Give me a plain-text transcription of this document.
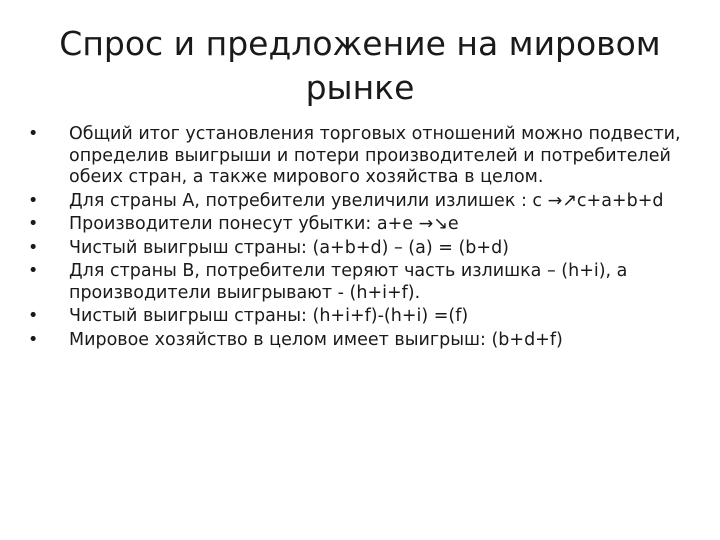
Спрос и предложение на мировом
рынке
•	Общий итог установления торговых отношений можно подвести, определив выигрыши и потери производителей и потребителей обеих стран, а также мирового хозяйства в целом.
•	Для страны А, потребители увеличили излишек : с →↗с+а+b+d
•	Производители понесут убытки: а+е →↘е
•	Чистый выигрыш страны: (a+b+d) – (a) = (b+d)
•	Для страны В, потребители теряют часть излишка – (h+i), а производители выигрывают - (h+i+f).
•	Чистый выигрыш страны: (h+i+f)-(h+i) =(f)
•	Мировое хозяйство в целом имеет выигрыш: (b+d+f)
